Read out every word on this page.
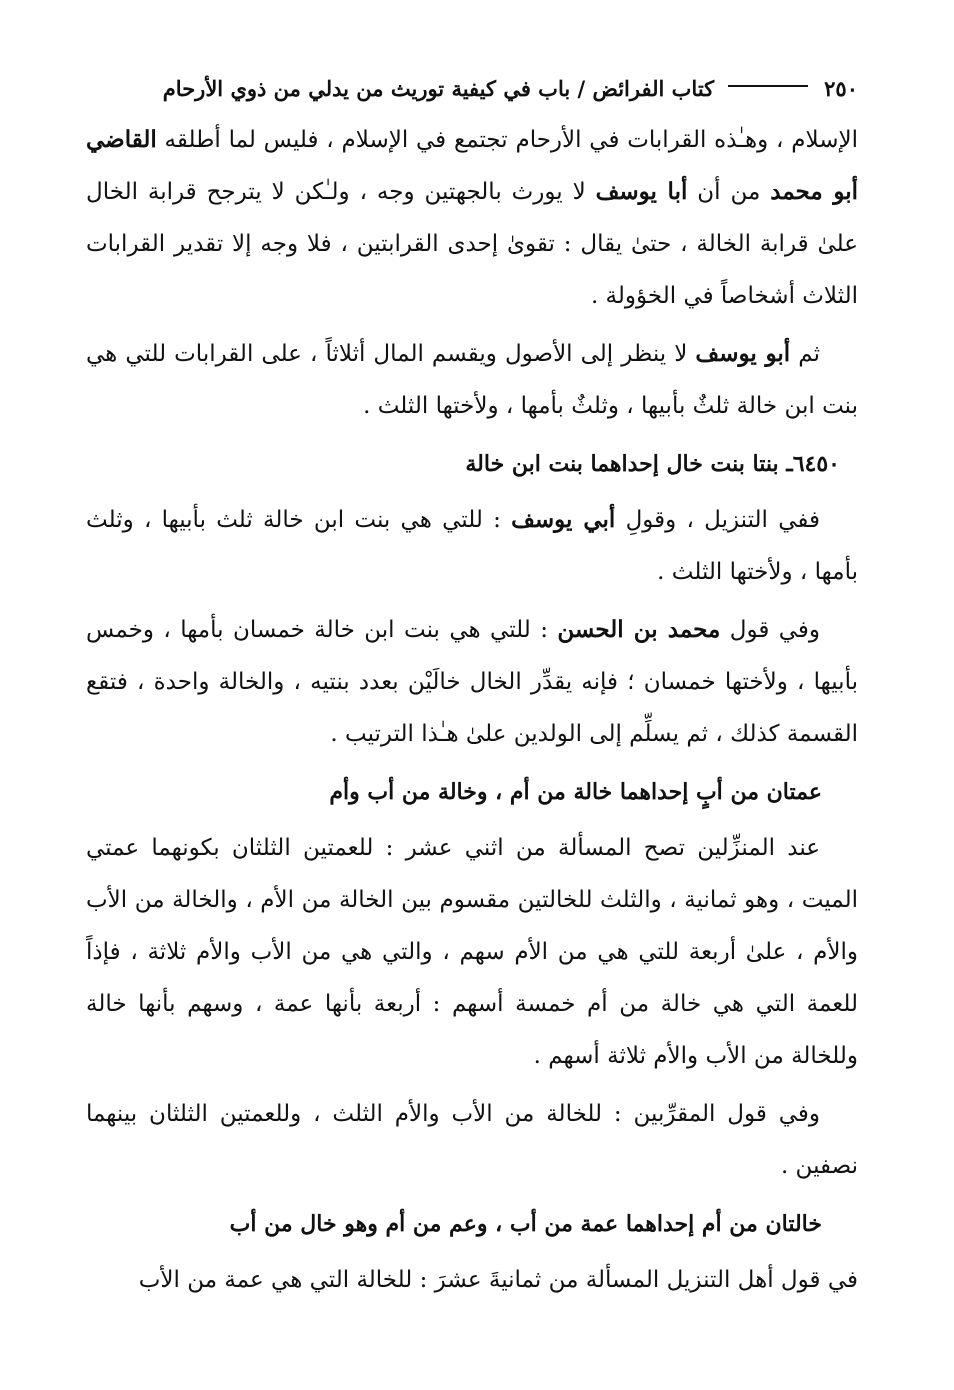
٢٥٠
كتاب الفرائض / باب في كيفية توريث من يدلي من ذوي الأرحام

الإسلام ، وهـٰذه القرابات في الأرحام تجتمع في الإسلام ، فليس لما أطلقه القاضي أبو محمد من أن أبا يوسف لا يورث بالجهتين وجه ، ولـٰكن لا يترجح قرابة الخال علىٰ قرابة الخالة ، حتىٰ يقال : تقوىٰ إحدى القرابتين ، فلا وجه إلا تقدير القرابات الثلاث أشخاصاً في الخؤولة .

ثم أبو يوسف لا ينظر إلى الأصول ويقسم المال أثلاثاً ، على القرابات للتي هي بنت ابن خالة ثلثٌ بأبيها ، وثلثٌ بأمها ، ولأختها الثلث .

٦٤٥٠ـ بنتا بنت خال إحداهما بنت ابن خالة

ففي التنزيل ، وقولِ أبي يوسف : للتي هي بنت ابن خالة ثلث بأبيها ، وثلث بأمها ، ولأختها الثلث .

وفي قول محمد بن الحسن : للتي هي بنت ابن خالة خمسان بأمها ، وخمس بأبيها ، ولأختها خمسان ؛ فإنه يقدِّر الخال خالَيْن بعدد بنتيه ، والخالة واحدة ، فتقع القسمة كذلك ، ثم يسلِّم إلى الولدين علىٰ هـٰذا الترتيب .

عمتان من أبٍ إحداهما خالة من أم ، وخالة من أب وأم

عند المنزِّلين تصح المسألة من اثني عشر : للعمتين الثلثان بكونهما عمتي الميت ، وهو ثمانية ، والثلث للخالتين مقسوم بين الخالة من الأم ، والخالة من الأب والأم ، علىٰ أربعة للتي هي من الأم سهم ، والتي هي من الأب والأم ثلاثة ، فإذاً للعمة التي هي خالة من أم خمسة أسهم : أربعة بأنها عمة ، وسهم بأنها خالة وللخالة من الأب والأم ثلاثة أسهم .

وفي قول المقرِّبين : للخالة من الأب والأم الثلث ، وللعمتين الثلثان بينهما نصفين .

خالتان من أم إحداهما عمة من أب ، وعم من أم وهو خال من أب

في قول أهل التنزيل المسألة من ثمانيةَ عشرَ : للخالة التي هي عمة من الأب
